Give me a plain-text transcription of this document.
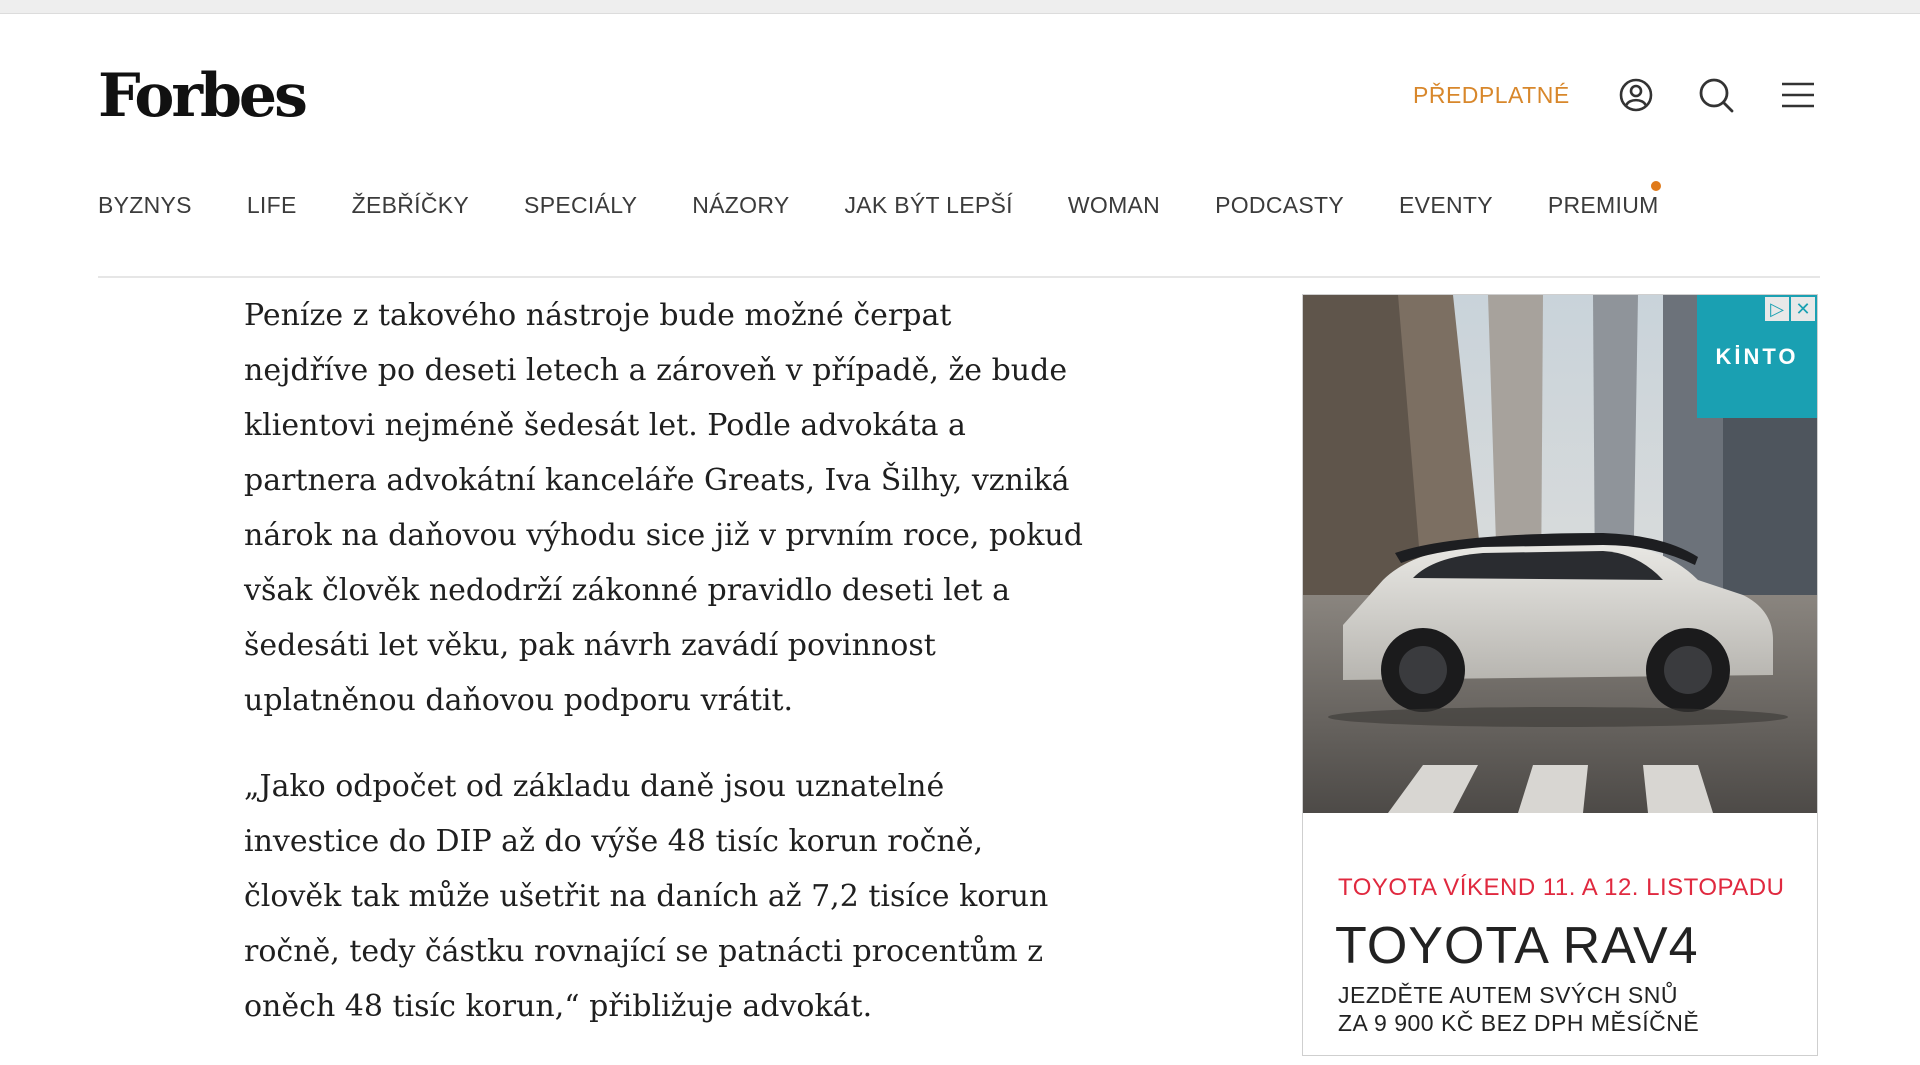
Forbes	PŘEDPLATNÉ
BYZNYS LIFE ŽEBŘÍČKY SPECIÁLY NÁZORY JAK BÝT LEPŠÍ WOMAN PODCASTY EVENTY PREMIUM

Peníze z takového nástroje bude možné čerpat nejdříve po deseti letech a zároveň v případě, že bude klientovi nejméně šedesát let. Podle advokáta a partnera advokátní kanceláře Greats, Iva Šilhy, vzniká nárok na daňovou výhodu sice již v prvním roce, pokud však člověk nedodrží zákonné pravidlo deseti let a šedesáti let věku, pak návrh zavádí povinnost uplatněnou daňovou podporu vrátit.

„Jako odpočet od základu daně jsou uznatelné investice do DIP až do výše 48 tisíc korun ročně, člověk tak může ušetřit na daních až 7,2 tisíce korun ročně, tedy částku rovnající se patnácti procentům z oněch 48 tisíc korun,“ přibližuje advokát.

KİNTO
▷ ✕
TOYOTA VÍKEND 11. A 12. LISTOPADU
TOYOTA RAV4
JEZDĚTE AUTEM SVÝCH SNŮ
ZA 9 900 KČ BEZ DPH MĚSÍČNĚ
